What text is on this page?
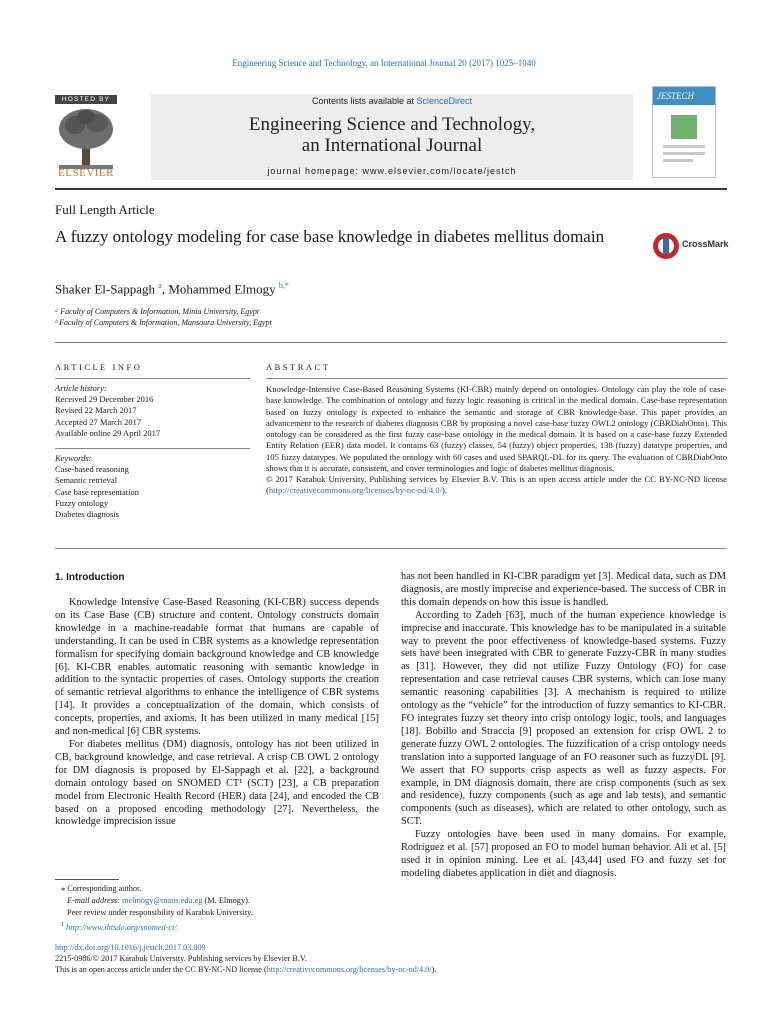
Engineering Science and Technology, an International Journal 20 (2017) 1025–1040
HOSTED BY
ELSEVIER
Contents lists available at ScienceDirect
Engineering Science and Technology,
an International Journal
journal homepage: www.elsevier.com/locate/jestch
JESTECH
Full Length Article
A fuzzy ontology modeling for case base knowledge in diabetes mellitus domain	CrossMark
Shaker El-Sappagh $^a$, Mohammed Elmogy $^{b,*}$
ᵃ Faculty of Computers & Information, Minia University, Egypt
ᵇ Faculty of Computers & Information, Mansoura University, Egypt
ARTICLE INFO
Article history:
Received 29 December 2016
Revised 22 March 2017
Accepted 27 March 2017
Available online 29 April 2017
Keywords:
Case-based reasoning
Semantic retrieval
Case base representation
Fuzzy ontology
Diabetes diagnosis
ABSTRACT
Knowledge-Intensive Case-Based Reasoning Systems (KI-CBR) mainly depend on ontologies. Ontology can play the role of case-base knowledge. The combination of ontology and fuzzy logic reasoning is critical in the medical domain. Case-base representation based on fuzzy ontology is expected to enhance the semantic and storage of CBR knowledge-base. This paper provides an advancement to the research of diabetes diagnosis CBR by proposing a novel case-base fuzzy OWL2 ontology (CBRDiabOnto). This ontology can be considered as the first fuzzy case-base ontology in the medical domain. It is based on a case-base fuzzy Extended Entity Relation (EER) data model. It contains 63 (fuzzy) classes, 54 (fuzzy) object properties, 138 (fuzzy) datatype properties, and 105 fuzzy datatypes. We populated the ontology with 60 cases and used SPARQL-DL for its query. The evaluation of CBRDiabOnto shows that it is accurate, consistent, and cover terminologies and logic of diabetes mellitus diagnosis.
© 2017 Karabuk University. Publishing services by Elsevier B.V. This is an open access article under the CC BY-NC-ND license (http://creativecommons.org/licenses/by-nc-nd/4.0/).
1. Introduction

Knowledge Intensive Case-Based Reasoning (KI-CBR) success depends on its Case Base (CB) structure and content. Ontology constructs domain knowledge in a machine-readable format that humans are capable of understanding. It can be used in CBR systems as a knowledge representation formalism for specifying domain background knowledge and CB knowledge [6]. KI-CBR enables automatic reasoning with semantic knowledge in addition to the syntactic properties of cases. Ontology supports the creation of semantic retrieval algorithms to enhance the intelligence of CBR systems [14]. It provides a conceptualization of the domain, which consists of concepts, properties, and axioms. It has been utilized in many medical [15] and non-medical [6] CBR systems.

For diabetes mellitus (DM) diagnosis, ontology has not been utilized in CB, background knowledge, and case retrieval. A crisp CB OWL 2 ontology for DM diagnosis is proposed by El-Sappagh et al. [22], a background domain ontology based on SNOMED CT¹ (SCT) [23], a CB preparation model from Electronic Health Record (HER) data [24], and encoded the CB based on a proposed encoding methodology [27]. Nevertheless, the knowledge imprecision issue

has not been handled in KI-CBR paradigm yet [3]. Medical data, such as DM diagnosis, are mostly imprecise and experience-based. The success of CBR in this domain depends on how this issue is handled.

According to Zadeh [63], much of the human experience knowledge is imprecise and inaccurate. This knowledge has to be manipulated in a suitable way to prevent the poor effectiveness of knowledge-based systems. Fuzzy sets have been integrated with CBR to generate Fuzzy-CBR in many studies as [31]. However, they did not utilize Fuzzy Ontology (FO) for case representation and case retrieval causes CBR systems, which can lose many semantic reasoning capabilities [3]. A mechanism is required to utilize ontology as the “vehicle” for the introduction of fuzzy semantics to KI-CBR. FO integrates fuzzy set theory into crisp ontology logic, tools, and languages [18]. Bobillo and Straccia [9] proposed an extension for crisp OWL 2 to generate fuzzy OWL 2 ontologies. The fuzzification of a crisp ontology needs translation into a supported language of an FO reasoner such as fuzzyDL [9]. We assert that FO supports crisp aspects as well as fuzzy aspects. For example, in DM diagnosis domain, there are crisp components (such as sex and residence), fuzzy components (such as age and lab tests), and semantic components (such as diseases), which are related to other ontology, such as SCT.

Fuzzy ontologies have been used in many domains. For example, Rodríguez et al. [57] proposed an FO to model human behavior. Ali et al. [5] used it in opinion mining. Lee et al. [43,44] used FO and fuzzy set for modeling diabetes application in diet and diagnosis.

⁎ Corresponding author.
E-mail address: melmogy@mans.edu.eg (M. Elmogy).
Peer review under responsibility of Karabuk University.
$^1$ http://www.ihtsdo.org/snomed-ct/.
http://dx.doi.org/10.1016/j.jestch.2017.03.009
2215-0986/© 2017 Karabuk University. Publishing services by Elsevier B.V.
This is an open access article under the CC BY-NC-ND license (http://creativecommons.org/licenses/by-nc-nd/4.0/).
